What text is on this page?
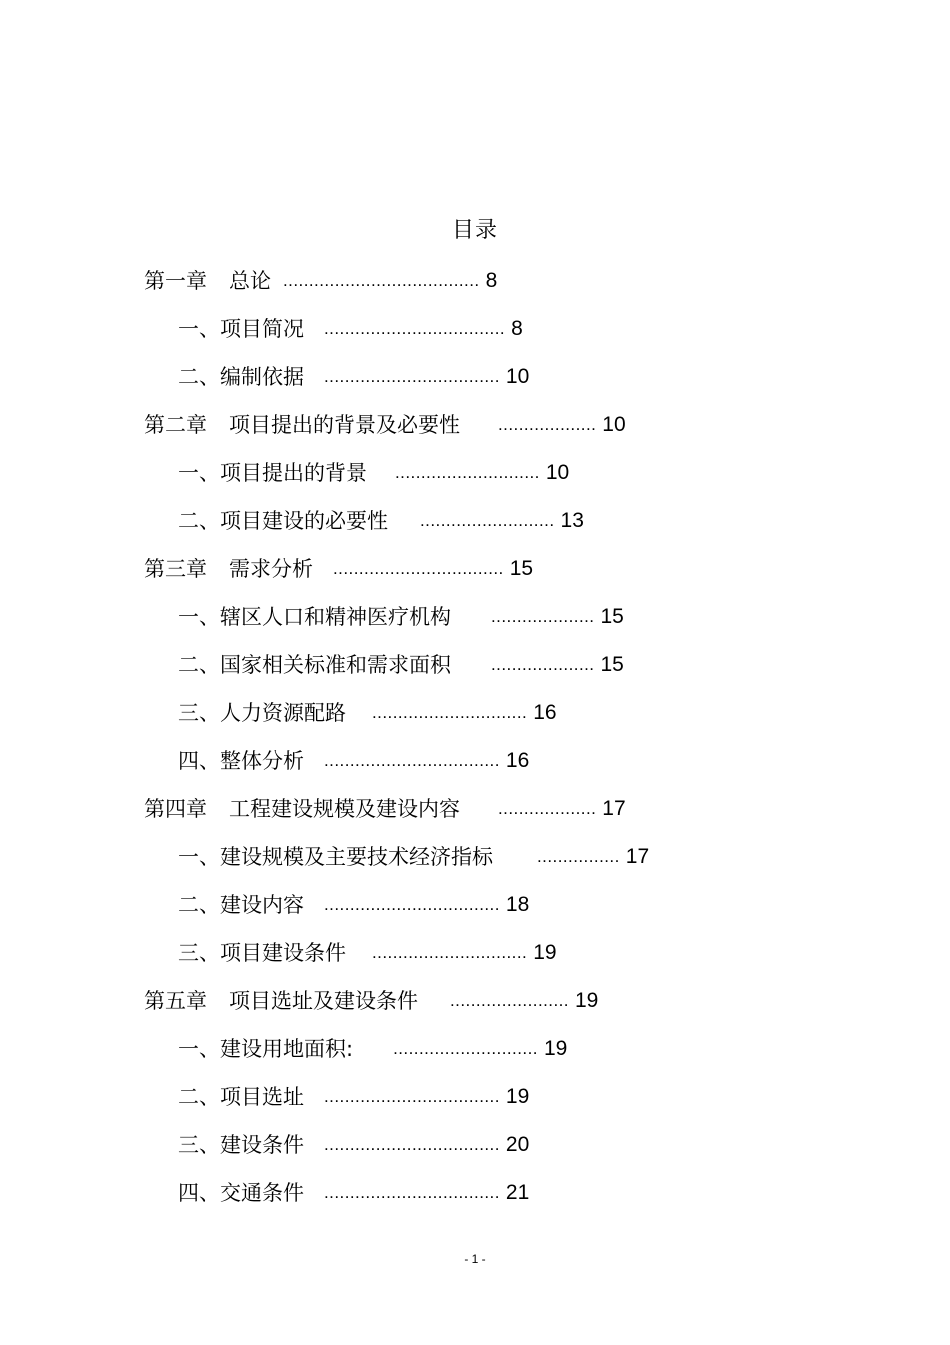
目录
第一章 总论 ...................................... 8
一、项目简况 ................................... 8
二、编制依据 .................................. 10
第二章 项目提出的背景及必要性 ................... 10
一、项目提出的背景 ............................ 10
二、项目建设的必要性 .......................... 13
第三章 需求分析 ................................. 15
一、辖区人口和精神医疗机构 .................... 15
二、国家相关标准和需求面积 .................... 15
三、人力资源配路 .............................. 16
四、整体分析 .................................. 16
第四章 工程建设规模及建设内容 ................... 17
一、建设规模及主要技术经济指标	................ 17
二、建设内容 .................................. 18
三、项目建设条件 .............................. 19
第五章 项目选址及建设条件 ....................... 19
一、建设用地面积: ............................ 19
二、项目选址 .................................. 19
三、建设条件 .................................. 20
四、交通条件 .................................. 21
- 1 -
